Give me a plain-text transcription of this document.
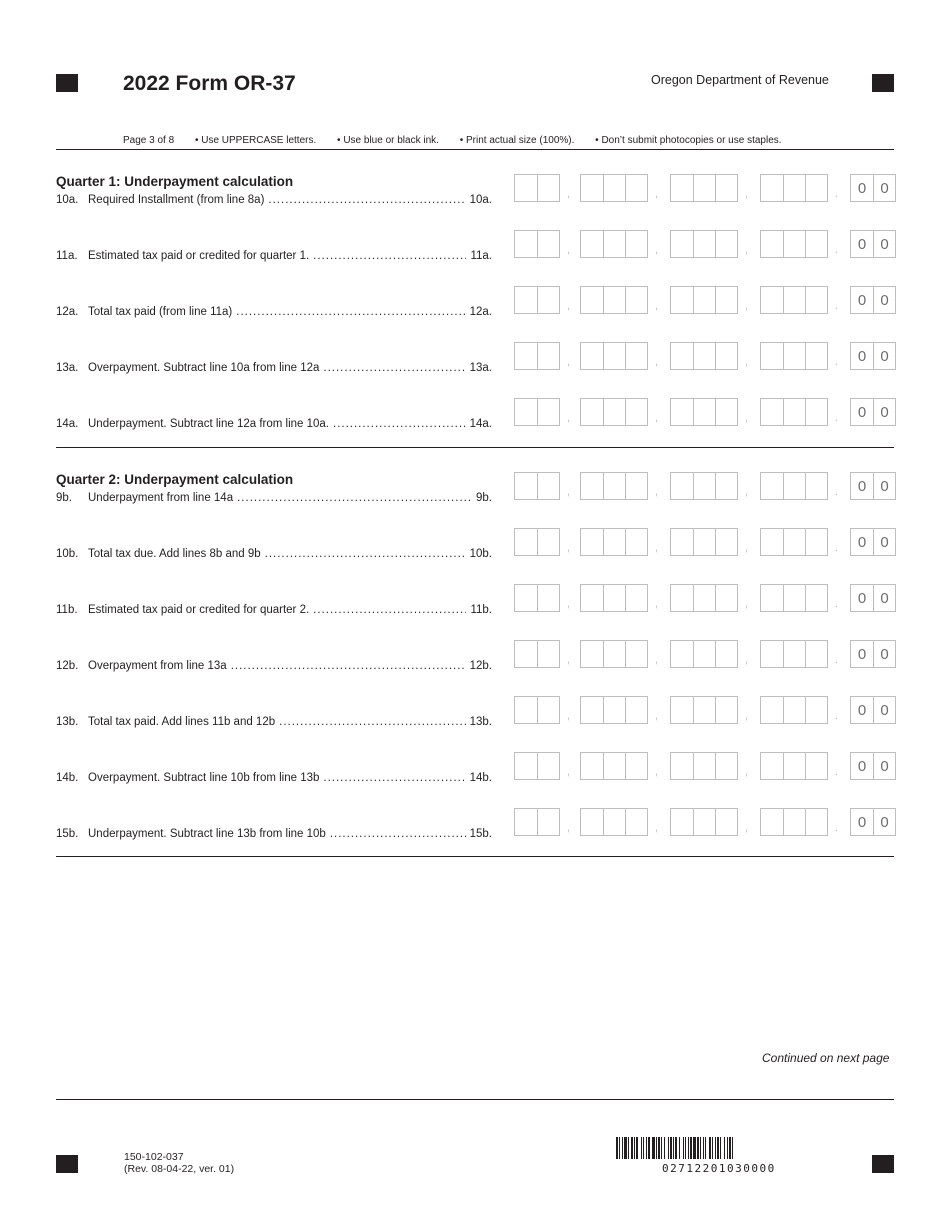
2022 Form OR-37	Oregon Department of Revenue
Page 3 of 8 • Use UPPERCASE letters. • Use blue or black ink. • Print actual size (100%). • Don’t submit photocopies or use staples.
Quarter 1: Underpayment calculation
10a. Required Installment (from line 8a) .....	10a.	,	,	,	.	0 0
11a. Estimated tax paid or credited for quarter 1. .....	11a.	,	,	,	.	0 0
12a. Total tax paid (from line 11a) .....	12a.	,	,	,	.	0 0
13a. Overpayment. Subtract line 10a from line 12a .....	13a.	,	,	,	.	0 0
14a. Underpayment. Subtract line 12a from line 10a. .....	14a.	,	,	,	.	0 0
Quarter 2: Underpayment calculation
9b.	Underpayment from line 14a .....	9b.	,	,	,	.	0 0
10b. Total tax due. Add lines 8b and 9b .....	10b.	,	,	,	.	0 0
11b. Estimated tax paid or credited for quarter 2. .....	11b.	,	,	,	.	0 0
12b. Overpayment from line 13a .....	12b.	,	,	,	.	0 0
13b. Total tax paid. Add lines 11b and 12b .....	13b.	,	,	,	.	0 0
14b. Overpayment. Subtract line 10b from line 13b .....	14b.	,	,	,	.	0 0
15b. Underpayment. Subtract line 13b from line 10b .....	15b.	,	,	,	.	0 0
Continued on next page
150-102-037
(Rev. 08-04-22, ver. 01)	02712201030000
